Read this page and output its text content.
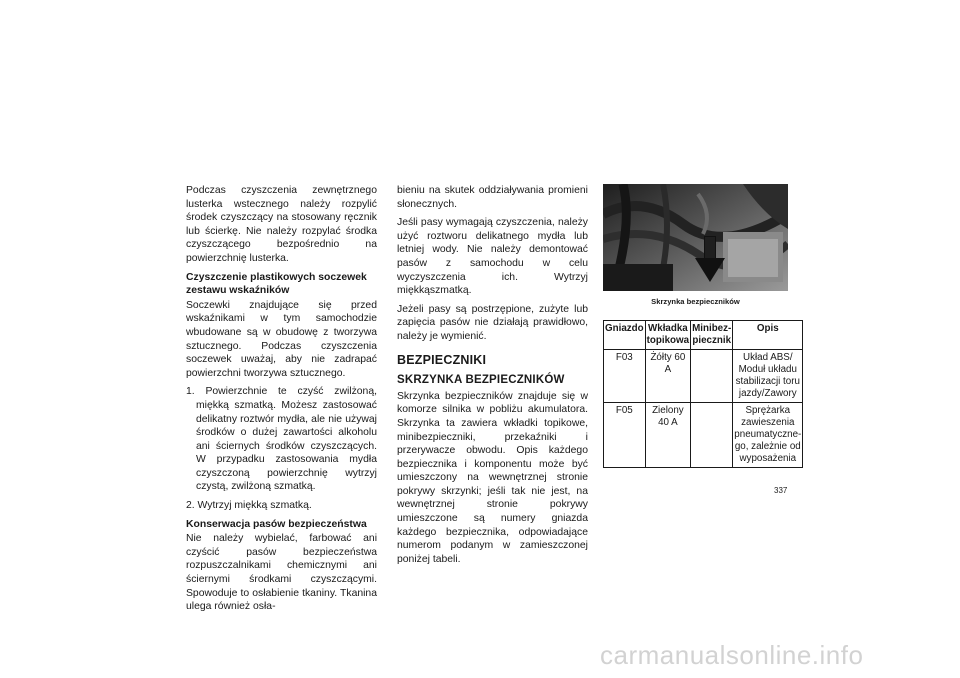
Podczas czyszczenia zewnętrznego lusterka wstecznego należy rozpylić środek czyszczący na stosowany ręcznik lub ścierkę. Nie należy rozpylać środka czyszczącego bezpośrednio na powierzchnię lusterka.

Czyszczenie plastikowych soczewek zestawu wskaźników

Soczewki znajdujące się przed wskaźnikami w tym samochodzie wbudowane są w obudowę z tworzywa sztucznego. Podczas czyszczenia soczewek uważaj, aby nie zadrapać powierzchni tworzywa sztucznego.

1. Powierzchnie te czyść zwilżoną, miękką szmatką. Możesz zastosować delikatny roztwór mydła, ale nie używaj środków o dużej zawartości alkoholu ani ściernych środków czyszczących. W przypadku zastosowania mydła czyszczoną powierzchnię wytrzyj czystą, zwilżoną szmatką.

2. Wytrzyj miękką szmatką.

Konserwacja pasów bezpieczeństwa

Nie należy wybielać, farbować ani czyścić pasów bezpieczeństwa rozpuszczalnikami chemicznymi ani ściernymi środkami czyszczącymi. Spowoduje to osłabienie tkaniny. Tkanina ulega również osła-

bieniu na skutek oddziaływania promieni słonecznych.

Jeśli pasy wymagają czyszczenia, należy użyć roztworu delikatnego mydła lub letniej wody. Nie należy demontować pasów z samochodu w celu wyczyszczenia ich. Wytrzyj miękkąszmatką.

Jeżeli pasy są postrzępione, zużyte lub zapięcia pasów nie działają prawidłowo, należy je wymienić.

BEZPIECZNIKI
SKRZYNKA BEZPIECZNIKÓW

Skrzynka bezpieczników znajduje się w komorze silnika w pobliżu akumulatora. Skrzynka ta zawiera wkładki topikowe, minibezpieczniki, przekaźniki i przerywacze obwodu. Opis każdego bezpiecznika i komponentu może być umieszczony na wewnętrznej stronie pokrywy skrzynki; jeśli tak nie jest, na wewnętrznej stronie pokrywy umieszczone są numery gniazda każdego bezpiecznika, odpowiadające numerom podanym w zamieszczonej poniżej tabeli.

Skrzynka bezpieczników
Gniazdo	Wkładka topikowa	Minibez-piecznik	Opis
F03	Żółty 60 A		Układ ABS/ Moduł układu stabilizacji toru jazdy/Zawory
F05	Zielony 40 A		Sprężarka zawieszenia pneumatyczne-go, zależnie od wyposażenia
337
carmanualsonline.info
